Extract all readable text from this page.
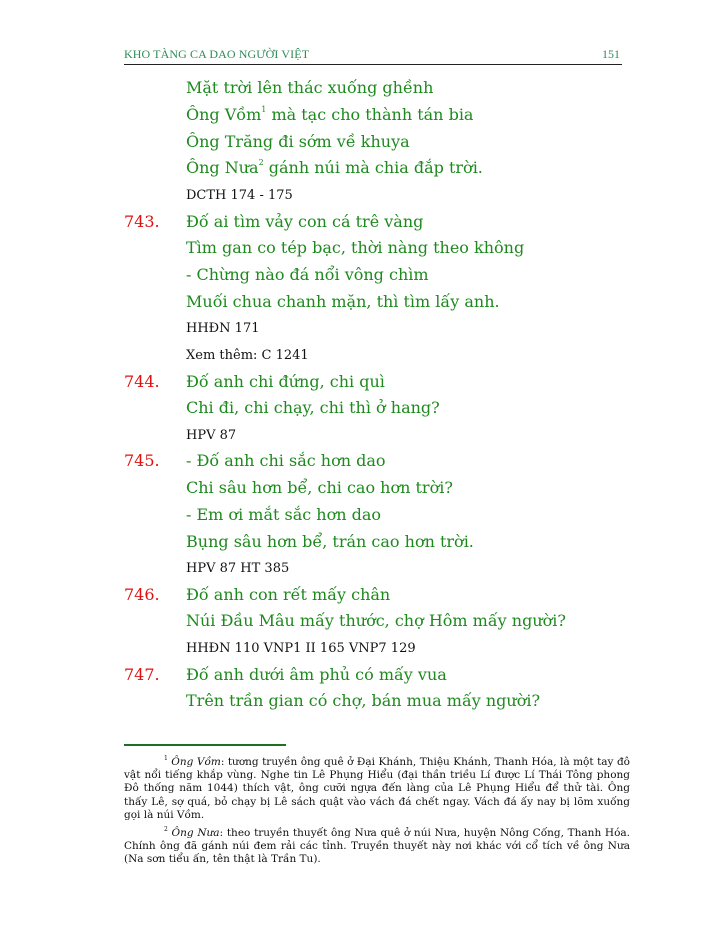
KHO TÀNG CA DAO NGƯỜI VIỆT	151
Mặt trời lên thác xuống ghềnh
Ông Vồm$^1$ mà tạc cho thành tán bia
Ông Trăng đi sớm về khuya
Ông Nưa$^2$ gánh núi mà chia đắp trời.
DCTH 174 - 175
743. Đố ai tìm vảy con cá trê vàng
Tìm gan co tép bạc, thời nàng theo không
- Chừng nào đá nổi vông chìm
Muối chua chanh mặn, thì tìm lấy anh.
HHĐN 171
Xem thêm: C 1241
744. Đố anh chi đứng, chi quì
Chi đi, chi chạy, chi thì ở hang?
HPV 87
745. - Đố anh chi sắc hơn dao
Chi sâu hơn bể, chi cao hơn trời?
- Em ơi mắt sắc hơn dao
Bụng sâu hơn bể, trán cao hơn trời.
HPV 87 HT 385
746. Đố anh con rết mấy chân
Núi Đầu Mâu mấy thước, chợ Hôm mấy người?
HHĐN 110 VNP1 II 165 VNP7 129
747. Đố anh dưới âm phủ có mấy vua
Trên trần gian có chợ, bán mua mấy người?
$^1$ Ông Vồm: tương truyền ông quê ở Đại Khánh, Thiệu Khánh, Thanh Hóa, là một tay đô vật nổi tiếng khắp vùng. Nghe tin Lê Phụng Hiểu (đại thần triều Lí được Lí Thái Tông phong Đô thống năm 1044) thích vật, ông cưỡi ngựa đến làng của Lê Phụng Hiểu để thử tài. Ông thấy Lê, sợ quá, bỏ chạy bị Lê sách quật vào vách đá chết ngay. Vách đá ấy nay bị lõm xuống gọi là núi Vồm.
$^2$ Ông Nưa: theo truyền thuyết ông Nưa quê ở núi Nưa, huyện Nông Cống, Thanh Hóa. Chính ông đã gánh núi đem rải các tỉnh. Truyền thuyết này nơi khác với cổ tích về ông Nưa (Na sơn tiểu ấn, tên thật là Trần Tu).
